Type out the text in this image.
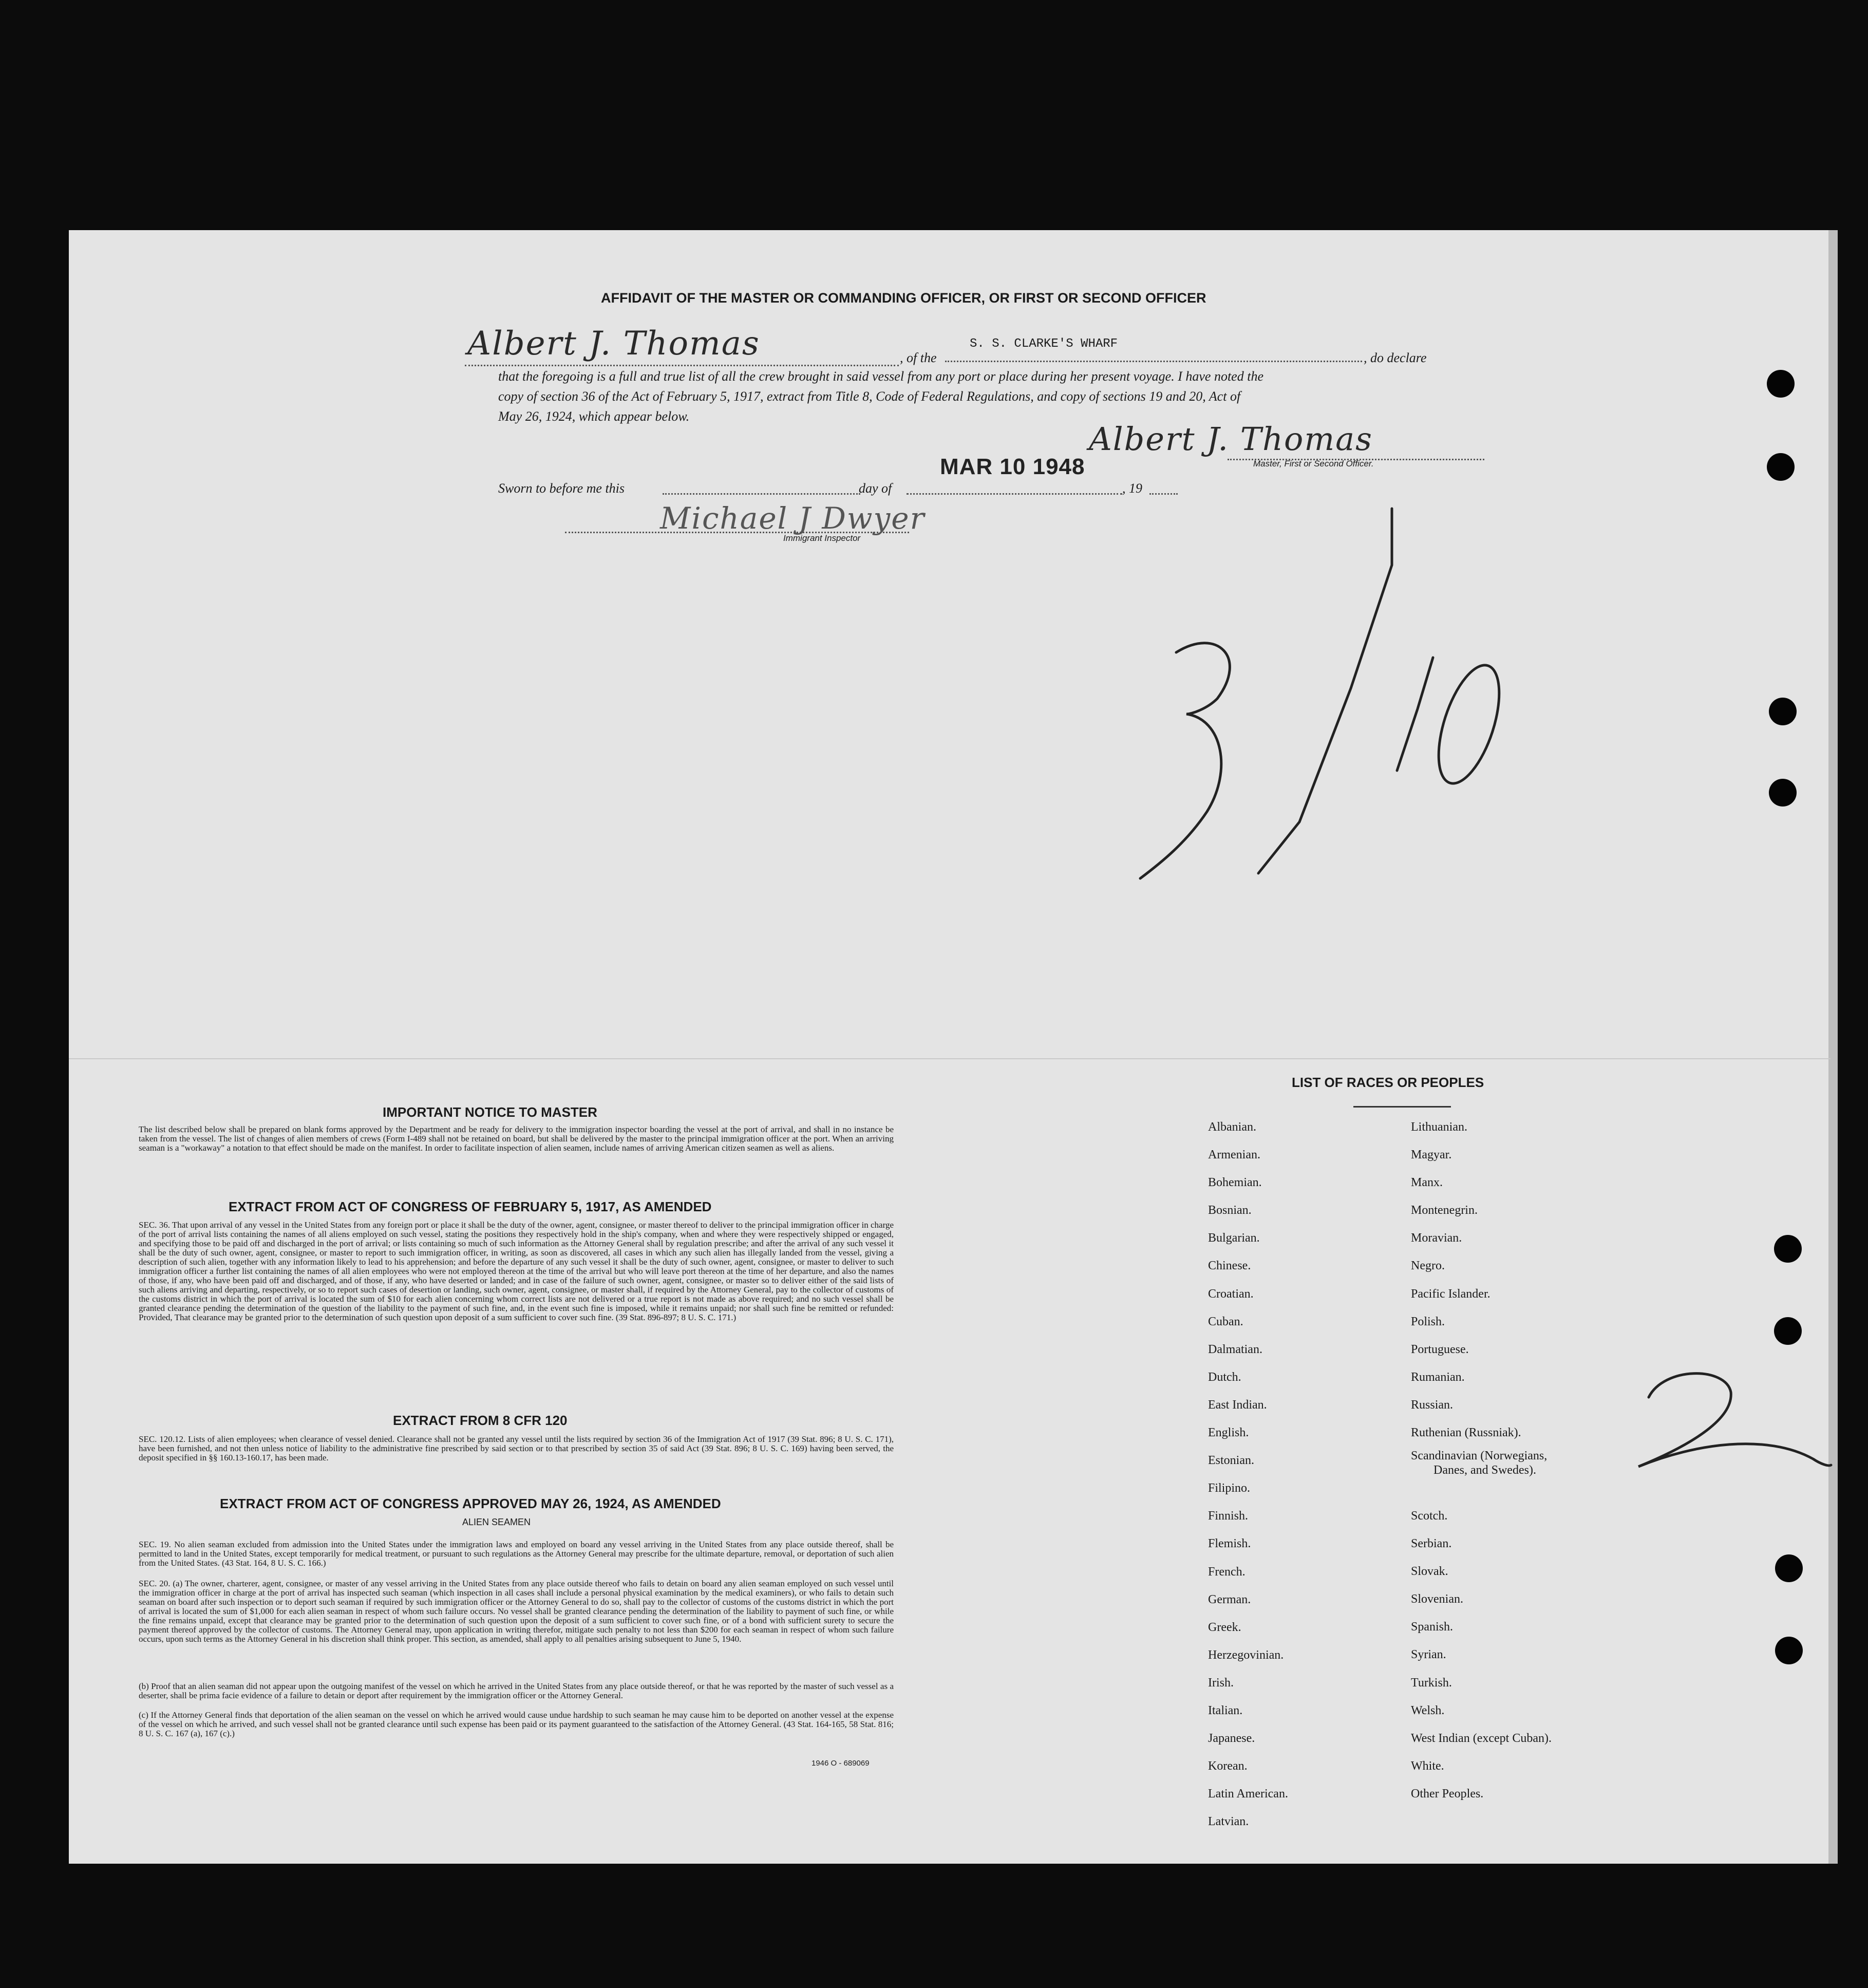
AFFIDAVIT OF THE MASTER OR COMMANDING OFFICER, OR FIRST OR SECOND OFFICER
Albert J. Thomas	, of the
S. S. CLARKE'S WHARF
, do declare
that the foregoing is a full and true list of all the crew brought in said vessel from any port or place during her present voyage. I have noted the
copy of section 36 of the Act of February 5, 1917, extract from Title 8, Code of Federal Regulations, and copy of sections 19 and 20, Act of
May 26, 1924, which appear below.
Albert J. Thomas
Master, First or Second Officer.
Sworn to before me this	day of
MAR 10 1948
, 19
Michael J Dwyer
Immigrant Inspector
IMPORTANT NOTICE TO MASTER
The list described below shall be prepared on blank forms approved by the Department and be ready for delivery to the immigration inspector boarding the vessel at the port of arrival, and shall in no instance be taken from the vessel. The list of changes of alien members of crews (Form I-489 shall not be retained on board, but shall be delivered by the master to the principal immigration officer at the port. When an arriving seaman is a "workaway" a notation to that effect should be made on the manifest. In order to facilitate inspection of alien seamen, include names of arriving American citizen seamen as well as aliens.
EXTRACT FROM ACT OF CONGRESS OF FEBRUARY 5, 1917, AS AMENDED
SEC. 36. That upon arrival of any vessel in the United States from any foreign port or place it shall be the duty of the owner, agent, consignee, or master thereof to deliver to the principal immigration officer in charge of the port of arrival lists containing the names of all aliens employed on such vessel, stating the positions they respectively hold in the ship's company, when and where they were respectively shipped or engaged, and specifying those to be paid off and discharged in the port of arrival; or lists containing so much of such information as the Attorney General shall by regulation prescribe; and after the arrival of any such vessel it shall be the duty of such owner, agent, consignee, or master to report to such immigration officer, in writing, as soon as discovered, all cases in which any such alien has illegally landed from the vessel, giving a description of such alien, together with any information likely to lead to his apprehension; and before the departure of any such vessel it shall be the duty of such owner, agent, consignee, or master to deliver to such immigration officer a further list containing the names of all alien employees who were not employed thereon at the time of the arrival but who will leave port thereon at the time of her departure, and also the names of those, if any, who have been paid off and discharged, and of those, if any, who have deserted or landed; and in case of the failure of such owner, agent, consignee, or master so to deliver either of the said lists of such aliens arriving and departing, respectively, or so to report such cases of desertion or landing, such owner, agent, consignee, or master shall, if required by the Attorney General, pay to the collector of customs of the customs district in which the port of arrival is located the sum of $10 for each alien concerning whom correct lists are not delivered or a true report is not made as above required; and no such vessel shall be granted clearance pending the determination of the question of the liability to the payment of such fine, and, in the event such fine is imposed, while it remains unpaid; nor shall such fine be remitted or refunded: Provided, That clearance may be granted prior to the determination of such question upon deposit of a sum sufficient to cover such fine. (39 Stat. 896-897; 8 U. S. C. 171.)
EXTRACT FROM 8 CFR 120
SEC. 120.12. Lists of alien employees; when clearance of vessel denied. Clearance shall not be granted any vessel until the lists required by section 36 of the Immigration Act of 1917 (39 Stat. 896; 8 U. S. C. 171), have been furnished, and not then unless notice of liability to the administrative fine prescribed by said section or to that prescribed by section 35 of said Act (39 Stat. 896; 8 U. S. C. 169) having been served, the deposit specified in §§ 160.13-160.17, has been made.
EXTRACT FROM ACT OF CONGRESS APPROVED MAY 26, 1924, AS AMENDED
ALIEN SEAMEN
SEC. 19. No alien seaman excluded from admission into the United States under the immigration laws and employed on board any vessel arriving in the United States from any place outside thereof, shall be permitted to land in the United States, except temporarily for medical treatment, or pursuant to such regulations as the Attorney General may prescribe for the ultimate departure, removal, or deportation of such alien from the United States. (43 Stat. 164, 8 U. S. C. 166.)
SEC. 20. (a) The owner, charterer, agent, consignee, or master of any vessel arriving in the United States from any place outside thereof who fails to detain on board any alien seaman employed on such vessel until the immigration officer in charge at the port of arrival has inspected such seaman (which inspection in all cases shall include a personal physical examination by the medical examiners), or who fails to detain such seaman on board after such inspection or to deport such seaman if required by such immigration officer or the Attorney General to do so, shall pay to the collector of customs of the customs district in which the port of arrival is located the sum of $1,000 for each alien seaman in respect of whom such failure occurs. No vessel shall be granted clearance pending the determination of the liability to payment of such fine, or while the fine remains unpaid, except that clearance may be granted prior to the determination of such question upon the deposit of a sum sufficient to cover such fine, or of a bond with sufficient surety to secure the payment thereof approved by the collector of customs. The Attorney General may, upon application in writing therefor, mitigate such penalty to not less than $200 for each seaman in respect of whom such failure occurs, upon such terms as the Attorney General in his discretion shall think proper. This section, as amended, shall apply to all penalties arising subsequent to June 5, 1940.
(b) Proof that an alien seaman did not appear upon the outgoing manifest of the vessel on which he arrived in the United States from any place outside thereof, or that he was reported by the master of such vessel as a deserter, shall be prima facie evidence of a failure to detain or deport after requirement by the immigration officer or the Attorney General.
(c) If the Attorney General finds that deportation of the alien seaman on the vessel on which he arrived would cause undue hardship to such seaman he may cause him to be deported on another vessel at the expense of the vessel on which he arrived, and such vessel shall not be granted clearance until such expense has been paid or its payment guaranteed to the satisfaction of the Attorney General. (43 Stat. 164-165, 58 Stat. 816; 8 U. S. C. 167 (a), 167 (c).)
1946 O - 689069
LIST OF RACES OR PEOPLES
Albanian.
Armenian.
Bohemian.
Bosnian.
Bulgarian.
Chinese.
Croatian.
Cuban.
Dalmatian.
Dutch.
East Indian.
English.
Estonian.
Filipino.
Finnish.
Flemish.
French.
German.
Greek.
Herzegovinian.
Irish.
Italian.
Japanese.
Korean.
Latin American.
Latvian.
Lithuanian.
Magyar.
Manx.
Montenegrin.
Moravian.
Negro.
Pacific Islander.
Polish.
Portuguese.
Rumanian.
Russian.
Ruthenian (Russniak).
Scandinavian (Norwegians,
Danes, and Swedes).
Scotch.
Serbian.
Slovak.
Slovenian.
Spanish.
Syrian.
Turkish.
Welsh.
West Indian (except Cuban).
White.
Other Peoples.
